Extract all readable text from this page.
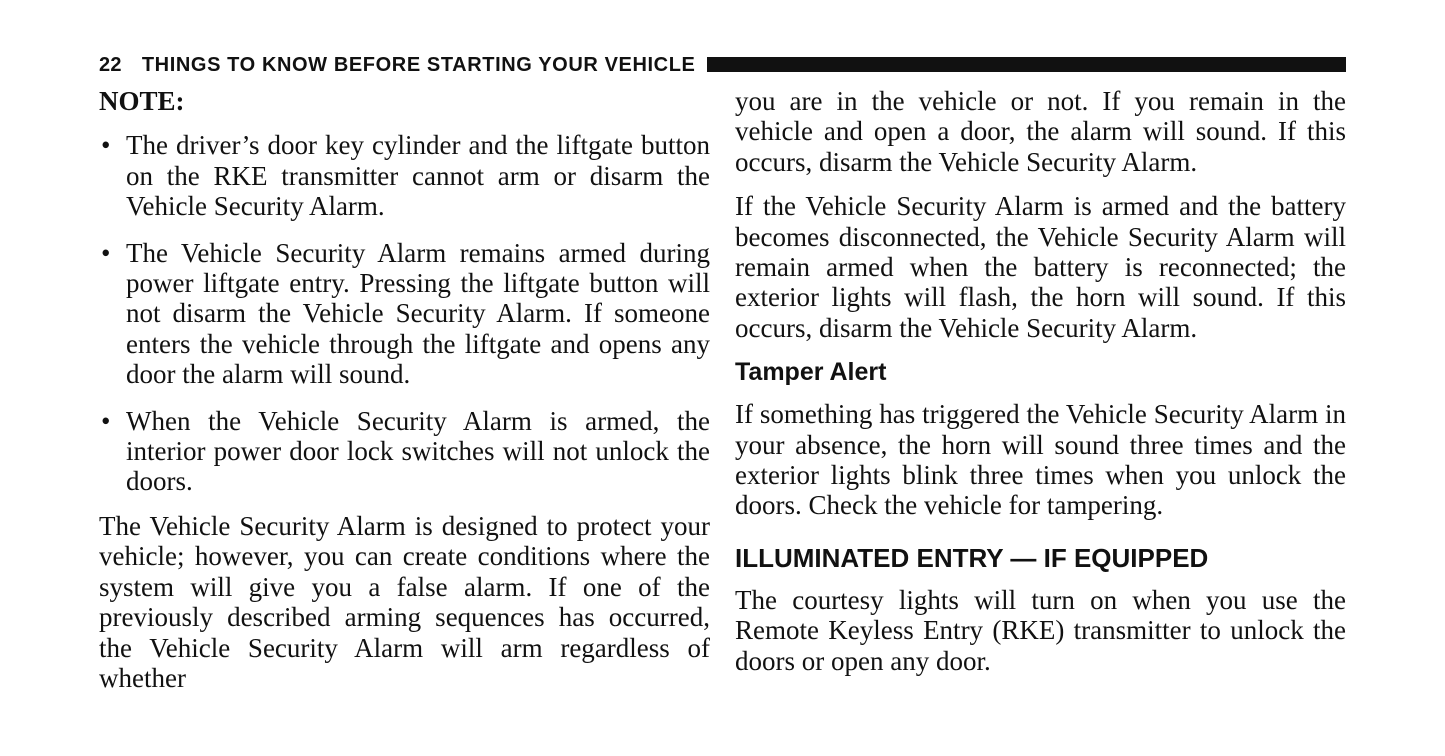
22 THINGS TO KNOW BEFORE STARTING YOUR VEHICLE

NOTE:

• The driver’s door key cylinder and the liftgate button on the RKE transmitter cannot arm or disarm the Vehicle Security Alarm.
• The Vehicle Security Alarm remains armed during power liftgate entry. Pressing the liftgate button will not disarm the Vehicle Security Alarm. If someone enters the vehicle through the liftgate and opens any door the alarm will sound.
• When the Vehicle Security Alarm is armed, the interior power door lock switches will not unlock the doors.

The Vehicle Security Alarm is designed to protect your vehicle; however, you can create conditions where the system will give you a false alarm. If one of the previously described arming sequences has occurred, the Vehicle Security Alarm will arm regardless of whether

you are in the vehicle or not. If you remain in the vehicle and open a door, the alarm will sound. If this occurs, disarm the Vehicle Security Alarm.

If the Vehicle Security Alarm is armed and the battery becomes disconnected, the Vehicle Security Alarm will remain armed when the battery is reconnected; the exterior lights will flash, the horn will sound. If this occurs, disarm the Vehicle Security Alarm.

Tamper Alert

If something has triggered the Vehicle Security Alarm in your absence, the horn will sound three times and the exterior lights blink three times when you unlock the doors. Check the vehicle for tampering.

ILLUMINATED ENTRY — IF EQUIPPED

The courtesy lights will turn on when you use the Remote Keyless Entry (RKE) transmitter to unlock the doors or open any door.
